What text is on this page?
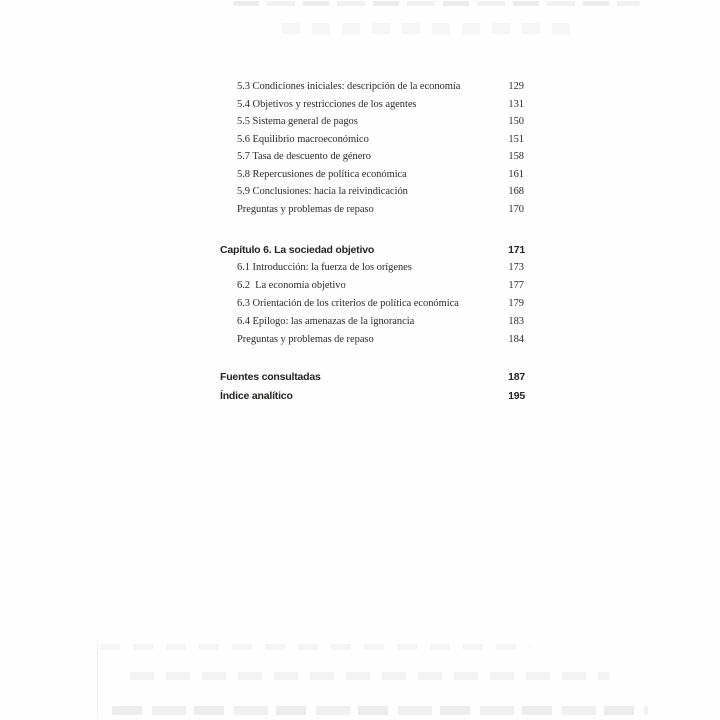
5.3 Condiciones iniciales: descripción de la economía	129
5.4 Objetivos y restricciones de los agentes	131
5.5 Sistema general de pagos	150
5.6 Equilibrio macroeconómico	151
5.7 Tasa de descuento de género	158
5.8 Repercusiones de política económica	161
5.9 Conclusiones: hacia la reivindicación	168
Preguntas y problemas de repaso	170
Capítulo 6. La sociedad objetivo	171
6.1 Introducción: la fuerza de los orígenes	173
6.2  La economía objetivo	177
6.3 Orientación de los criterios de política económica	179
6.4 Epílogo: las amenazas de la ignorancia	183
Preguntas y problemas de repaso	184
Fuentes consultadas	187
Índice analítico	195
